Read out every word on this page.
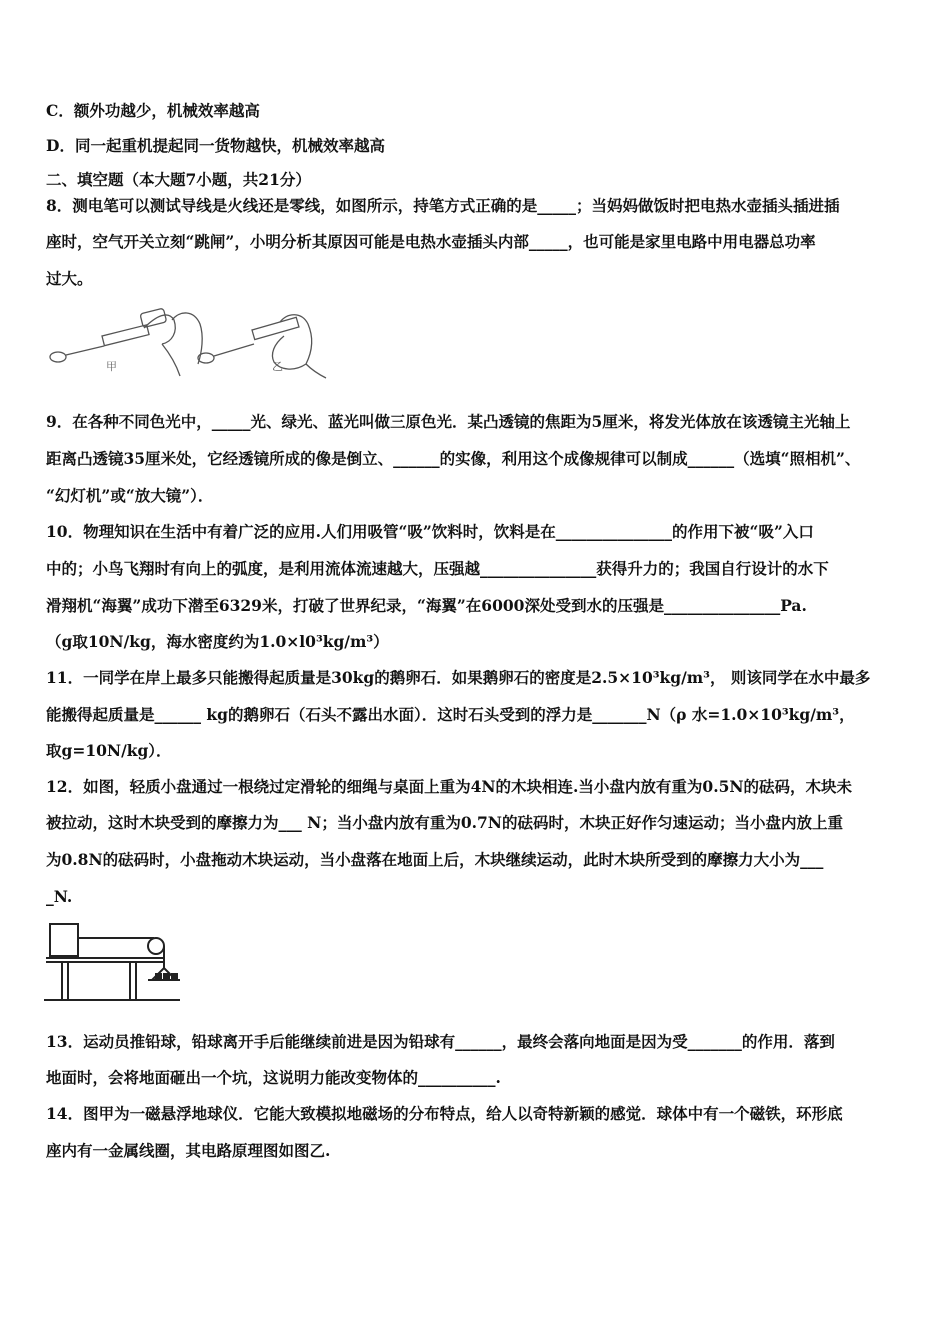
C．额外功越少，机械效率越高
D．同一起重机提起同一货物越快，机械效率越高
二、填空题（本大题7小题，共21分）
8．测电笔可以测试导线是火线还是零线，如图所示，持笔方式正确的是_____；当妈妈做饭时把电热水壶插头插进插
座时，空气开关立刻“跳闸”，小明分析其原因可能是电热水壶插头内部_____，也可能是家里电路中用电器总功率
过大。
甲	乙
9．在各种不同色光中，_____光、绿光、蓝光叫做三原色光．某凸透镜的焦距为5厘米，将发光体放在该透镜主光轴上
距离凸透镜35厘米处，它经透镜所成的像是倒立、______的实像，利用这个成像规律可以制成______（选填“照相机”、
“幻灯机”或“放大镜”）．
10．物理知识在生活中有着广泛的应用.人们用吸管“吸”饮料时，饮料是在_______________的作用下被“吸”入口
中的；小鸟飞翔时有向上的弧度，是利用流体流速越大，压强越_______________获得升力的；我国自行设计的水下
滑翔机“海翼”成功下潜至6329米，打破了世界纪录，“海翼”在6000深处受到水的压强是_______________Pa.
（g取10N/kg，海水密度约为1.0×l0³kg/m³）
11．一同学在岸上最多只能搬得起质量是30kg的鹅卵石．如果鹅卵石的密度是2.5×10³kg/m³， 则该同学在水中最多
能搬得起质量是______ kg的鹅卵石（石头不露出水面）．这时石头受到的浮力是_______N（ρ 水=1.0×10³kg/m³，
取g=10N/kg）．
12．如图，轻质小盘通过一根绕过定滑轮的细绳与桌面上重为4N的木块相连.当小盘内放有重为0.5N的砝码，木块未
被拉动，这时木块受到的摩擦力为___ N；当小盘内放有重为0.7N的砝码时，木块正好作匀速运动；当小盘内放上重
为0.8N的砝码时，小盘拖动木块运动，当小盘落在地面上后，木块继续运动，此时木块所受到的摩擦力大小为___
_N.
13．运动员推铅球，铅球离开手后能继续前进是因为铅球有______，最终会落向地面是因为受_______的作用．落到
地面时，会将地面砸出一个坑，这说明力能改变物体的__________.
14．图甲为一磁悬浮地球仪．它能大致模拟地磁场的分布特点，给人以奇特新颖的感觉．球体中有一个磁铁，环形底
座内有一金属线圈，其电路原理图如图乙.
